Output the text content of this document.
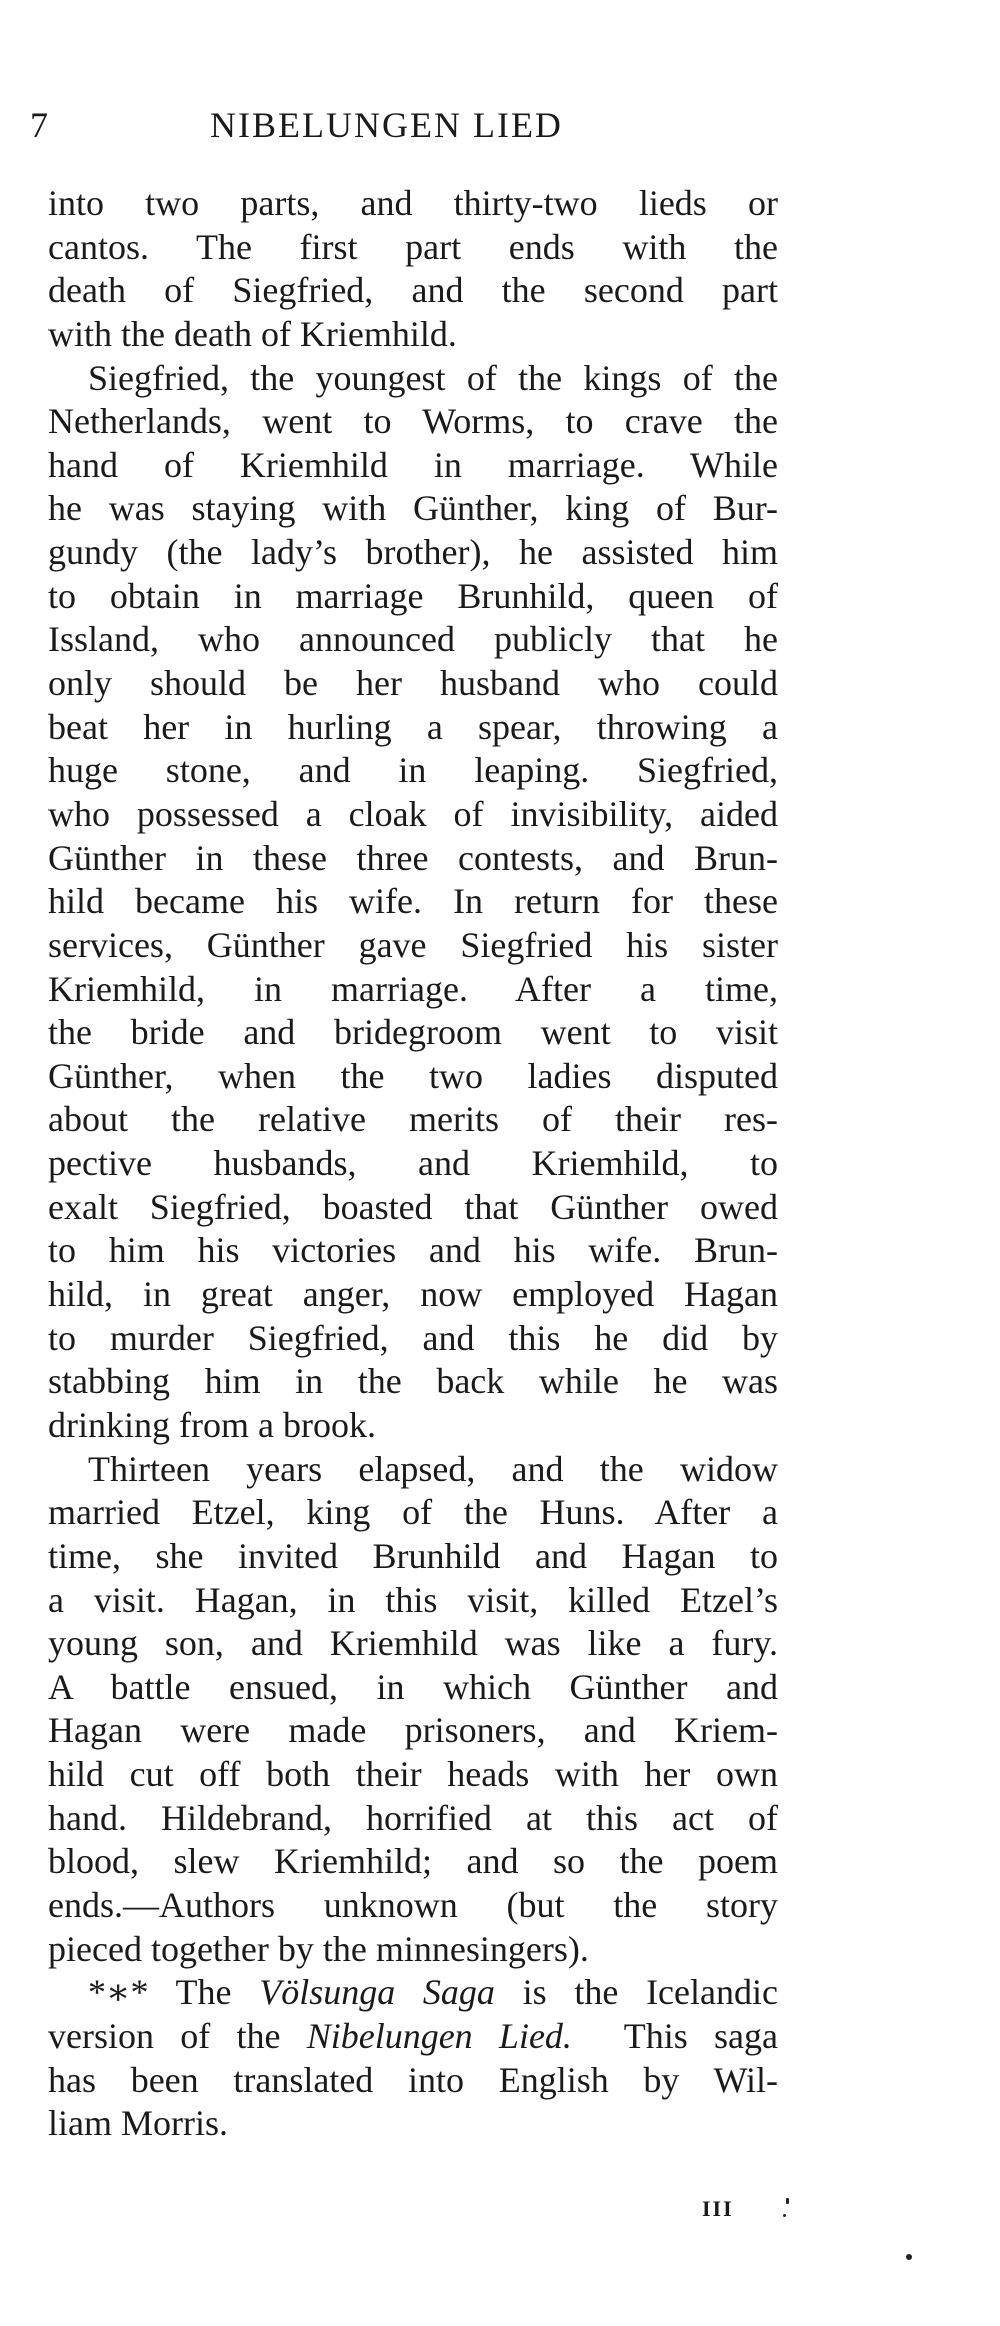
7	NIBELUNGEN LIED
into two parts, and thirty-two lieds or
cantos. The first part ends with the
death of Siegfried, and the second part
with the death of Kriemhild.
Siegfried, the youngest of the kings of the
Netherlands, went to Worms, to crave the
hand of Kriemhild in marriage. While
he was staying with Günther, king of Bur-
gundy (the lady’s brother), he assisted him
to obtain in marriage Brunhild, queen of
Issland, who announced publicly that he
only should be her husband who could
beat her in hurling a spear, throwing a
huge stone, and in leaping. Siegfried,
who possessed a cloak of invisibility, aided
Günther in these three contests, and Brun-
hild became his wife. In return for these
services, Günther gave Siegfried his sister
Kriemhild, in marriage. After a time,
the bride and bridegroom went to visit
Günther, when the two ladies disputed
about the relative merits of their res-
pective husbands, and Kriemhild, to
exalt Siegfried, boasted that Günther owed
to him his victories and his wife. Brun-
hild, in great anger, now employed Hagan
to murder Siegfried, and this he did by
stabbing him in the back while he was
drinking from a brook.
Thirteen years elapsed, and the widow
married Etzel, king of the Huns. After a
time, she invited Brunhild and Hagan to
a visit. Hagan, in this visit, killed Etzel’s
young son, and Kriemhild was like a fury.
A battle ensued, in which Günther and
Hagan were made prisoners, and Kriem-
hild cut off both their heads with her own
hand. Hildebrand, horrified at this act of
blood, slew Kriemhild; and so the poem
ends.—Authors unknown (but the story
pieced together by the minnesingers).
*∗* The Völsunga Saga is the Icelandic
version of the Nibelungen Lied.  This saga
has been translated into English by Wil-
liam Morris.
III
